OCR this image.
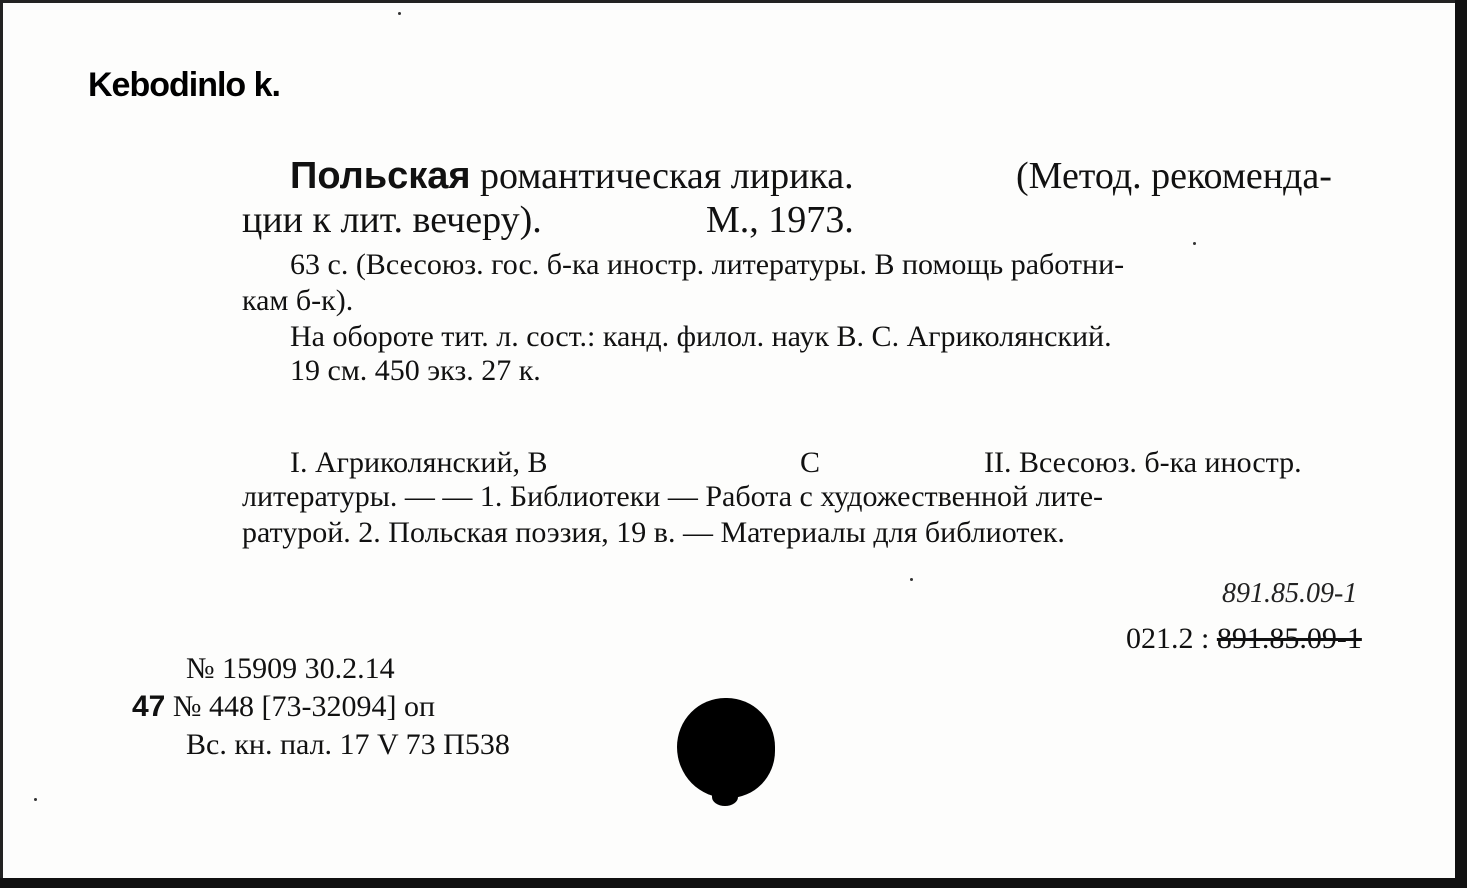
Kebodinlo k.
Польская романтическая лирика.	(Метод. рекоменда-
ции к лит. вечеру).	М., 1973.
63 с. (Всесоюз. гос. б-ка иностр. литературы. В помощь работни-
кам б-к).
На обороте тит. л. сост.: канд. филол. наук В. С. Агриколянский.
19 см. 450 экз. 27 к.
I. Агриколянский, В	С	II. Всесоюз. б-ка иностр.
литературы. — — 1. Библиотеки — Работа с художественной лите-
ратурой. 2. Польская поэзия, 19 в. — Материалы для библиотек.
891.85.09-1
021.2 : 891.85.09-1
№ 15909 30.2.14
47 № 448 [73-32094] оп
Вс. кн. пал. 17 V 73 П538
